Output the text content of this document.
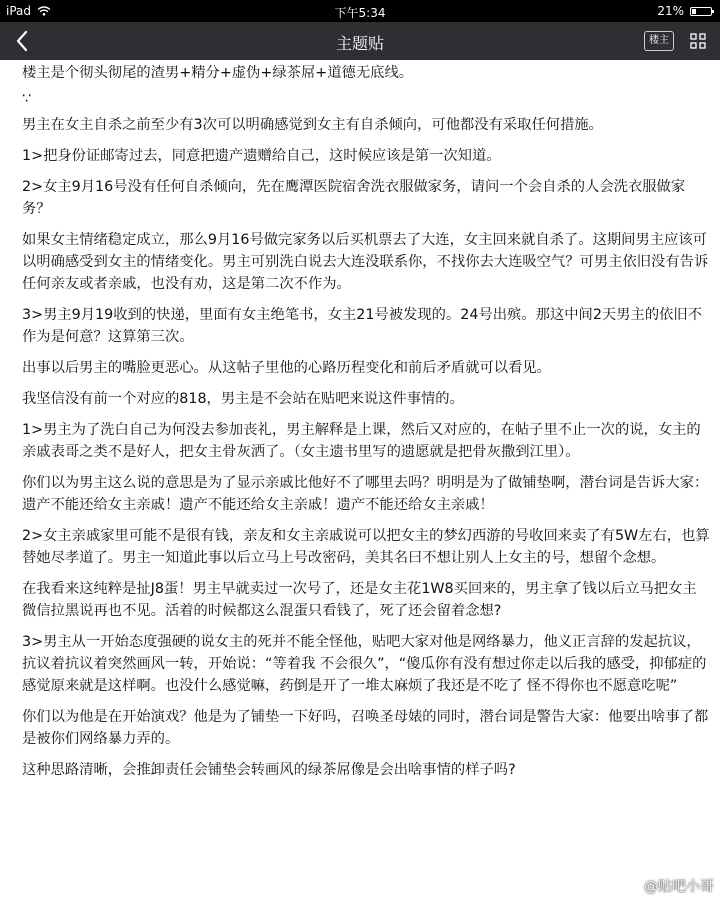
iPad	下午5:34	21%
主题贴	楼主

楼主是个彻头彻尾的渣男+精分+虚伪+绿茶屌+道德无底线。

∵

男主在女主自杀之前至少有3次可以明确感觉到女主有自杀倾向，可他都没有采取任何措施。

1>把身份证邮寄过去，同意把遗产遗赠给自己，这时候应该是第一次知道。

2>女主9月16号没有任何自杀倾向，先在鹰潭医院宿舍洗衣服做家务，请问一个会自杀的人会洗衣服做家务？

如果女主情绪稳定成立，那么9月16号做完家务以后买机票去了大连，女主回来就自杀了。这期间男主应该可以明确感受到女主的情绪变化。男主可别洗白说去大连没联系你，不找你去大连吸空气？可男主依旧没有告诉任何亲友或者亲戚，也没有劝，这是第二次不作为。

3>男主9月19收到的快递，里面有女主绝笔书，女主21号被发现的。24号出殡。那这中间2天男主的依旧不作为是何意？这算第三次。

出事以后男主的嘴脸更恶心。从这帖子里他的心路历程变化和前后矛盾就可以看见。

我坚信没有前一个对应的818，男主是不会站在贴吧来说这件事情的。

1>男主为了洗白自己为何没去参加丧礼，男主解释是上课，然后又对应的，在帖子里不止一次的说，女主的亲戚表哥之类不是好人，把女主骨灰洒了。（女主遗书里写的遗愿就是把骨灰撒到江里）。

你们以为男主这么说的意思是为了显示亲戚比他好不了哪里去吗？明明是为了做铺垫啊，潜台词是告诉大家：遗产不能还给女主亲戚！遗产不能还给女主亲戚！遗产不能还给女主亲戚！

2>女主亲戚家里可能不是很有钱，亲友和女主亲戚说可以把女主的梦幻西游的号收回来卖了有5W左右，也算替她尽孝道了。男主一知道此事以后立马上号改密码，美其名曰不想让别人上女主的号，想留个念想。

在我看来这纯粹是扯J8蛋！男主早就卖过一次号了，还是女主花1W8买回来的，男主拿了钱以后立马把女主微信拉黑说再也不见。活着的时候都这么混蛋只看钱了，死了还会留着念想?

3>男主从一开始态度强硬的说女主的死并不能全怪他，贴吧大家对他是网络暴力，他义正言辞的发起抗议，抗议着抗议着突然画风一转，开始说：“等着我 不会很久”，“傻瓜你有没有想过你走以后我的感受，抑郁症的感觉原来就是这样啊。也没什么感觉嘛，药倒是开了一堆太麻烦了我还是不吃了 怪不得你也不愿意吃呢”

你们以为他是在开始演戏？他是为了铺垫一下好吗，召唤圣母婊的同时，潜台词是警告大家：他要出啥事了都是被你们网络暴力弄的。

这种思路清晰，会推卸责任会铺垫会转画风的绿茶屌像是会出啥事情的样子吗?

@贴吧小哥
